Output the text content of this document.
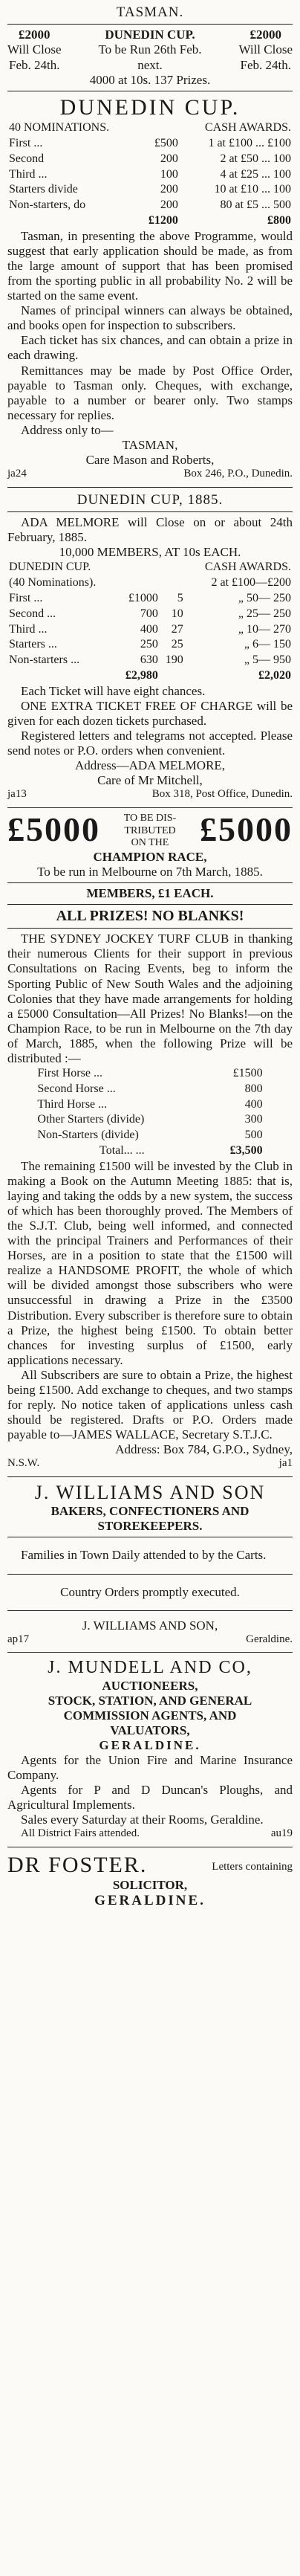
TASMAN.
£2000
Will Close
Feb. 24th.
DUNEDIN CUP.
To be Run 26th Feb.
next.
£2000
Will Close
Feb. 24th.
4000 at 10s. 137 Prizes.
DUNEDIN CUP.
40 NOMINATIONS.		CASH AWARDS.
First ...	£500	1 at £100 ... £100
Second	200	2 at £50 ... 100
Third ...	100	4 at £25 ... 100
Starters divide	200	10 at £10 ... 100
Non-starters, do	200	80 at £5 ... 500
	£1200	£800

Tasman, in presenting the above Programme, would suggest that early application should be made, as from the large amount of support that has been promised from the sporting public in all probability No. 2 will be started on the same event.

Names of principal winners can always be obtained, and books open for inspection to subscribers.

Each ticket has six chances, and can obtain a prize in each drawing.

Remittances may be made by Post Office Order, payable to Tasman only. Cheques, with exchange, payable to a number or bearer only. Two stamps necessary for replies.

Address only to—

TASMAN,
Care Mason and Roberts,
ja24	Box 246, P.O., Dunedin.
DUNEDIN CUP, 1885.

ADA MELMORE will Close on or about 24th February, 1885.

10,000 MEMBERS, AT 10s EACH.
DUNEDIN CUP.			CASH AWARDS.
(40 Nominations).			2 at £100—£200
First ...	£1000	5	„ 50— 250
Second ...	700	10	„ 25— 250
Third ...	400	27	„ 10— 270
Starters ...	250	25	„ 6— 150
Non-starters ...	630	190	„ 5— 950
	£2,980		£2,020

Each Ticket will have eight chances.

ONE EXTRA TICKET FREE OF CHARGE will be given for each dozen tickets purchased.

Registered letters and telegrams not accepted. Please send notes or P.O. orders when convenient.

Address—ADA MELMORE,
Care of Mr Mitchell,
ja13	Box 318, Post Office, Dunedin.
£5000 TO BE DIS-
TRIBUTED
ON THE £5000
CHAMPION RACE,
To be run in Melbourne on 7th March, 1885.
MEMBERS, £1 EACH.
ALL PRIZES! NO BLANKS!

THE SYDNEY JOCKEY TURF CLUB in thanking their numerous Clients for their support in previous Consultations on Racing Events, beg to inform the Sporting Public of New South Wales and the adjoining Colonies that they have made arrangements for holding a £5000 Consultation—All Prizes! No Blanks!—on the Champion Race, to be run in Melbourne on the 7th day of March, 1885, when the following Prize will be distributed :—

First Horse ...	£1500
Second Horse ...	800
Third Horse ...	400
Other Starters (divide)	300
Non-Starters (divide)	500
Total... ...	£3,500

The remaining £1500 will be invested by the Club in making a Book on the Autumn Meeting 1885: that is, laying and taking the odds by a new system, the success of which has been thoroughly proved. The Members of the S.J.T. Club, being well informed, and connected with the principal Trainers and Performances of their Horses, are in a position to state that the £1500 will realize a HANDSOME PROFIT, the whole of which will be divided amongst those subscribers who were unsuccessful in drawing a Prize in the £3500 Distribution. Every subscriber is therefore sure to obtain a Prize, the highest being £1500. To obtain better chances for investing surplus of £1500, early applications necessary.

All Subscribers are sure to obtain a Prize, the highest being £1500. Add exchange to cheques, and two stamps for reply. No notice taken of applications unless cash should be registered. Drafts or P.O. Orders made payable to—JAMES WALLACE, Secretary S.T.J.C.

Address: Box 784, G.P.O., Sydney,
N.S.W.	ja1
J. WILLIAMS AND SON
BAKERS, CONFECTIONERS AND
STOREKEEPERS.

Families in Town Daily attended to by the Carts.

Country Orders promptly executed.

J. WILLIAMS AND SON,
ap17	Geraldine.
J. MUNDELL AND CO,
AUCTIONEERS,
STOCK, STATION, AND GENERAL
COMMISSION AGENTS, AND
VALUATORS,
GERALDINE.

Agents for the Union Fire and Marine Insurance Company.

Agents for P and D Duncan's Ploughs, and Agricultural Implements.

Sales every Saturday at their Rooms, Geraldine.

All District Fairs attended.	au19
DR FOSTER.	Letters containing
SOLICITOR,
GERALDINE.
